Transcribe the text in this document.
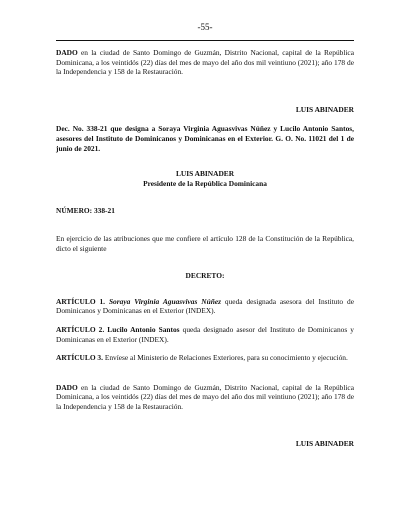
-55-

DADO en la ciudad de Santo Domingo de Guzmán, Distrito Nacional, capital de la República Dominicana, a los veintidós (22) días del mes de mayo del año dos mil veintiuno (2021); año 178 de la Independencia y 158 de la Restauración.

LUIS ABINADER

Dec. No. 338-21 que designa a Soraya Virginia Aguasvivas Núñez y Lucilo Antonio Santos, asesores del Instituto de Dominicanos y Dominicanas en el Exterior. G. O. No. 11021 del 1 de junio de 2021.

LUIS ABINADER

Presidente de la República Dominicana

NÚMERO: 338-21

En ejercicio de las atribuciones que me confiere el artículo 128 de la Constitución de la República, dicto el siguiente

DECRETO:

ARTÍCULO 1. Soraya Virginia Aguasvivas Núñez queda designada asesora del Instituto de Dominicanos y Dominicanas en el Exterior (INDEX).

ARTÍCULO 2. Lucilo Antonio Santos queda designado asesor del Instituto de Dominicanos y Dominicanas en el Exterior (INDEX).

ARTÍCULO 3. Envíese al Ministerio de Relaciones Exteriores, para su conocimiento y ejecución.

DADO en la ciudad de Santo Domingo de Guzmán, Distrito Nacional, capital de la República Dominicana, a los veintidós (22) días del mes de mayo del año dos mil veintiuno (2021); año 178 de la Independencia y 158 de la Restauración.

LUIS ABINADER
